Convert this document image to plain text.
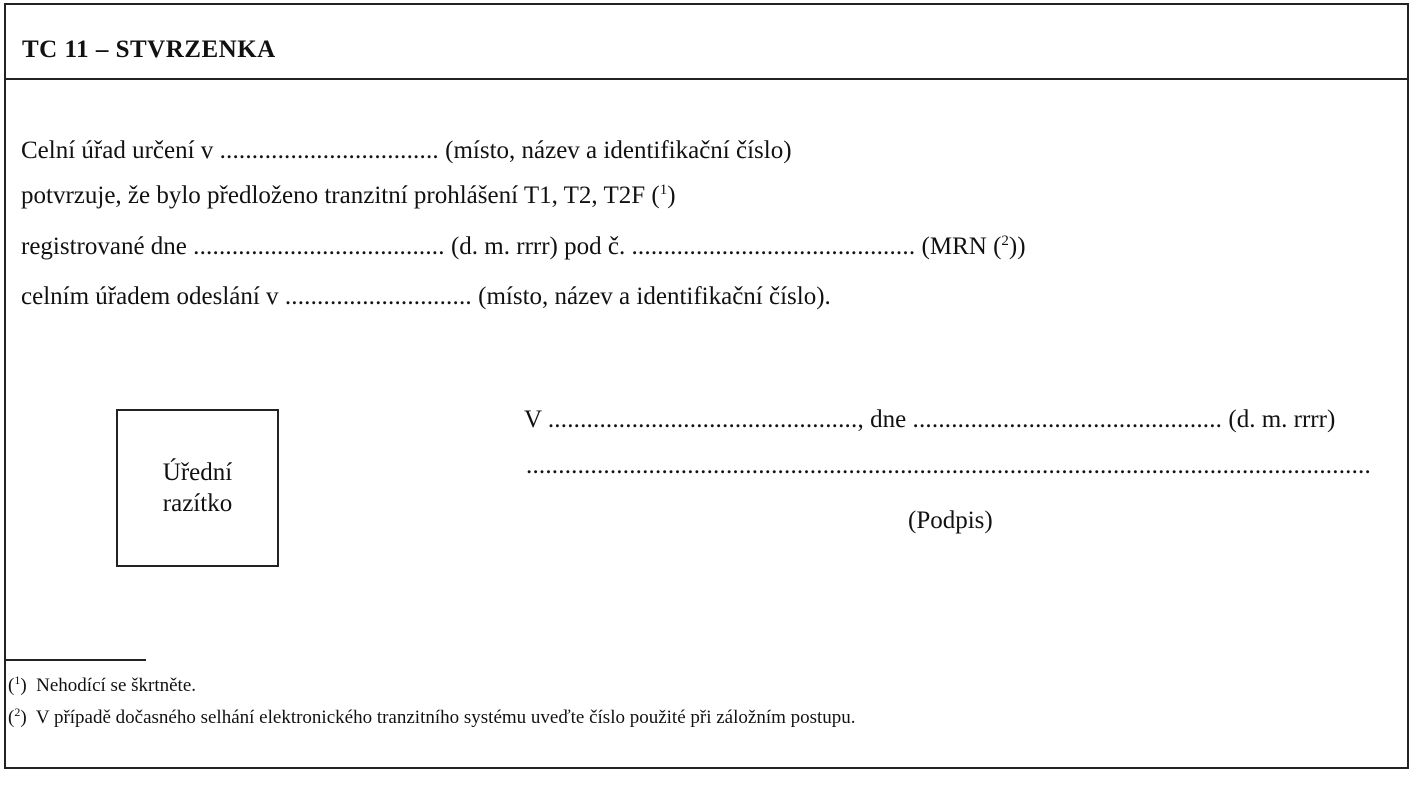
TC 11 – STVRZENKA
Celní úřad určení v .................................. (místo, název a identifikační číslo)
potvrzuje, že bylo předloženo tranzitní prohlášení T1, T2, T2F ($^1$)
registrované dne ....................................... (d. m. rrrr) pod č. ............................................ (MRN ($^2$))
celním úřadem odeslání v ............................. (místo, název a identifikační číslo).
Úřední
razítko
V ................................................, dne ................................................ (d. m. rrrr)
...................................................................................................................................
(Podpis)
($^1$)  Nehodící se škrtněte.
($^2$)  V případě dočasného selhání elektronického tranzitního systému uveďte číslo použité při záložním postupu.
